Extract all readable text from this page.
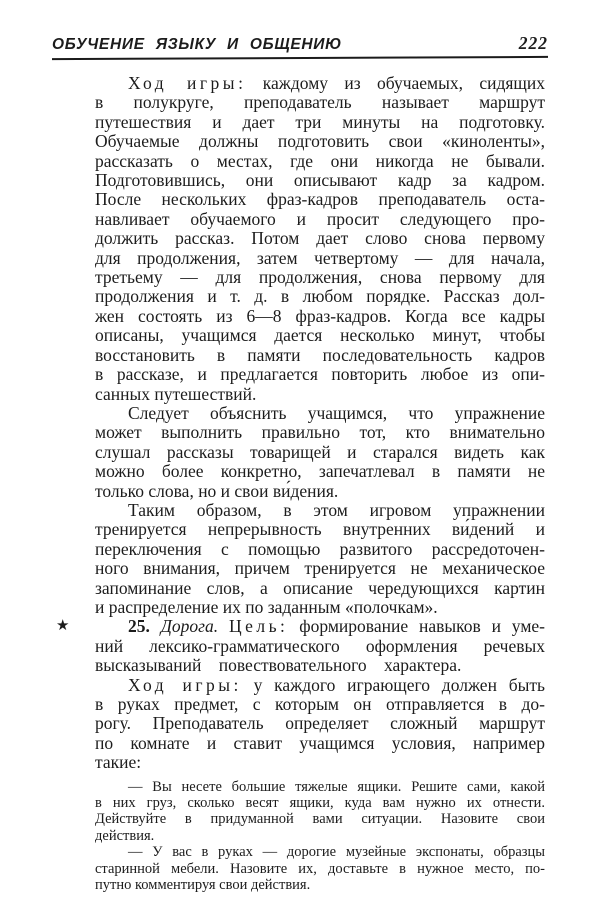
ОБУЧЕНИЕ ЯЗЫКУ И ОБЩЕНИЮ	222
Ход игры: каждому из обучаемых, сидящих
в полукруге, преподаватель называет маршрут
путешествия и дает три минуты на подготовку.
Обучаемые должны подготовить свои «киноленты»,
рассказать о местах, где они никогда не бывали.
Подготовившись, они описывают кадр за кадром.
После нескольких фраз-кадров преподаватель оста-
навливает обучаемого и просит следующего про-
должить рассказ. Потом дает слово снова первому
для продолжения, затем четвертому — для начала,
третьему — для продолжения, снова первому для
продолжения и т. д. в любом порядке. Рассказ дол-
жен состоять из 6—8 фраз-кадров. Когда все кадры
описаны, учащимся дается несколько минут, чтобы
восстановить в памяти последовательность кадров
в рассказе, и предлагается повторить любое из опи-
санных путешествий.
Следует объяснить учащимся, что упражнение
может выполнить правильно тот, кто внимательно
слушал рассказы товарищей и старался видеть как
можно более конкретно, запечатлевал в памяти не
только слова, но и свои ви́дения.
Таким образом, в этом игровом упражнении
тренируется непрерывность внутренних ви́дений и
переключения с помощью развитого рассредоточен-
ного внимания, причем тренируется не механическое
запоминание слов, а описание чередующихся картин
и распределение их по заданным «полочкам».
★	25. Дорога. Цель: формирование навыков и уме-
ний лексико-грамматического оформления речевых
высказываний повествовательного характера.
Ход игры: у каждого играющего должен быть
в руках предмет, с которым он отправляется в до-
рогу. Преподаватель определяет сложный маршрут
по комнате и ставит учащимся условия, например
такие:
— Вы несете большие тяжелые ящики. Решите сами, какой
в них груз, сколько весят ящики, куда вам нужно их отнести.
Действуйте в придуманной вами ситуации. Назовите свои
действия.
— У вас в руках — дорогие музейные экспонаты, образцы
старинной мебели. Назовите их, доставьте в нужное место, по-
путно комментируя свои действия.
